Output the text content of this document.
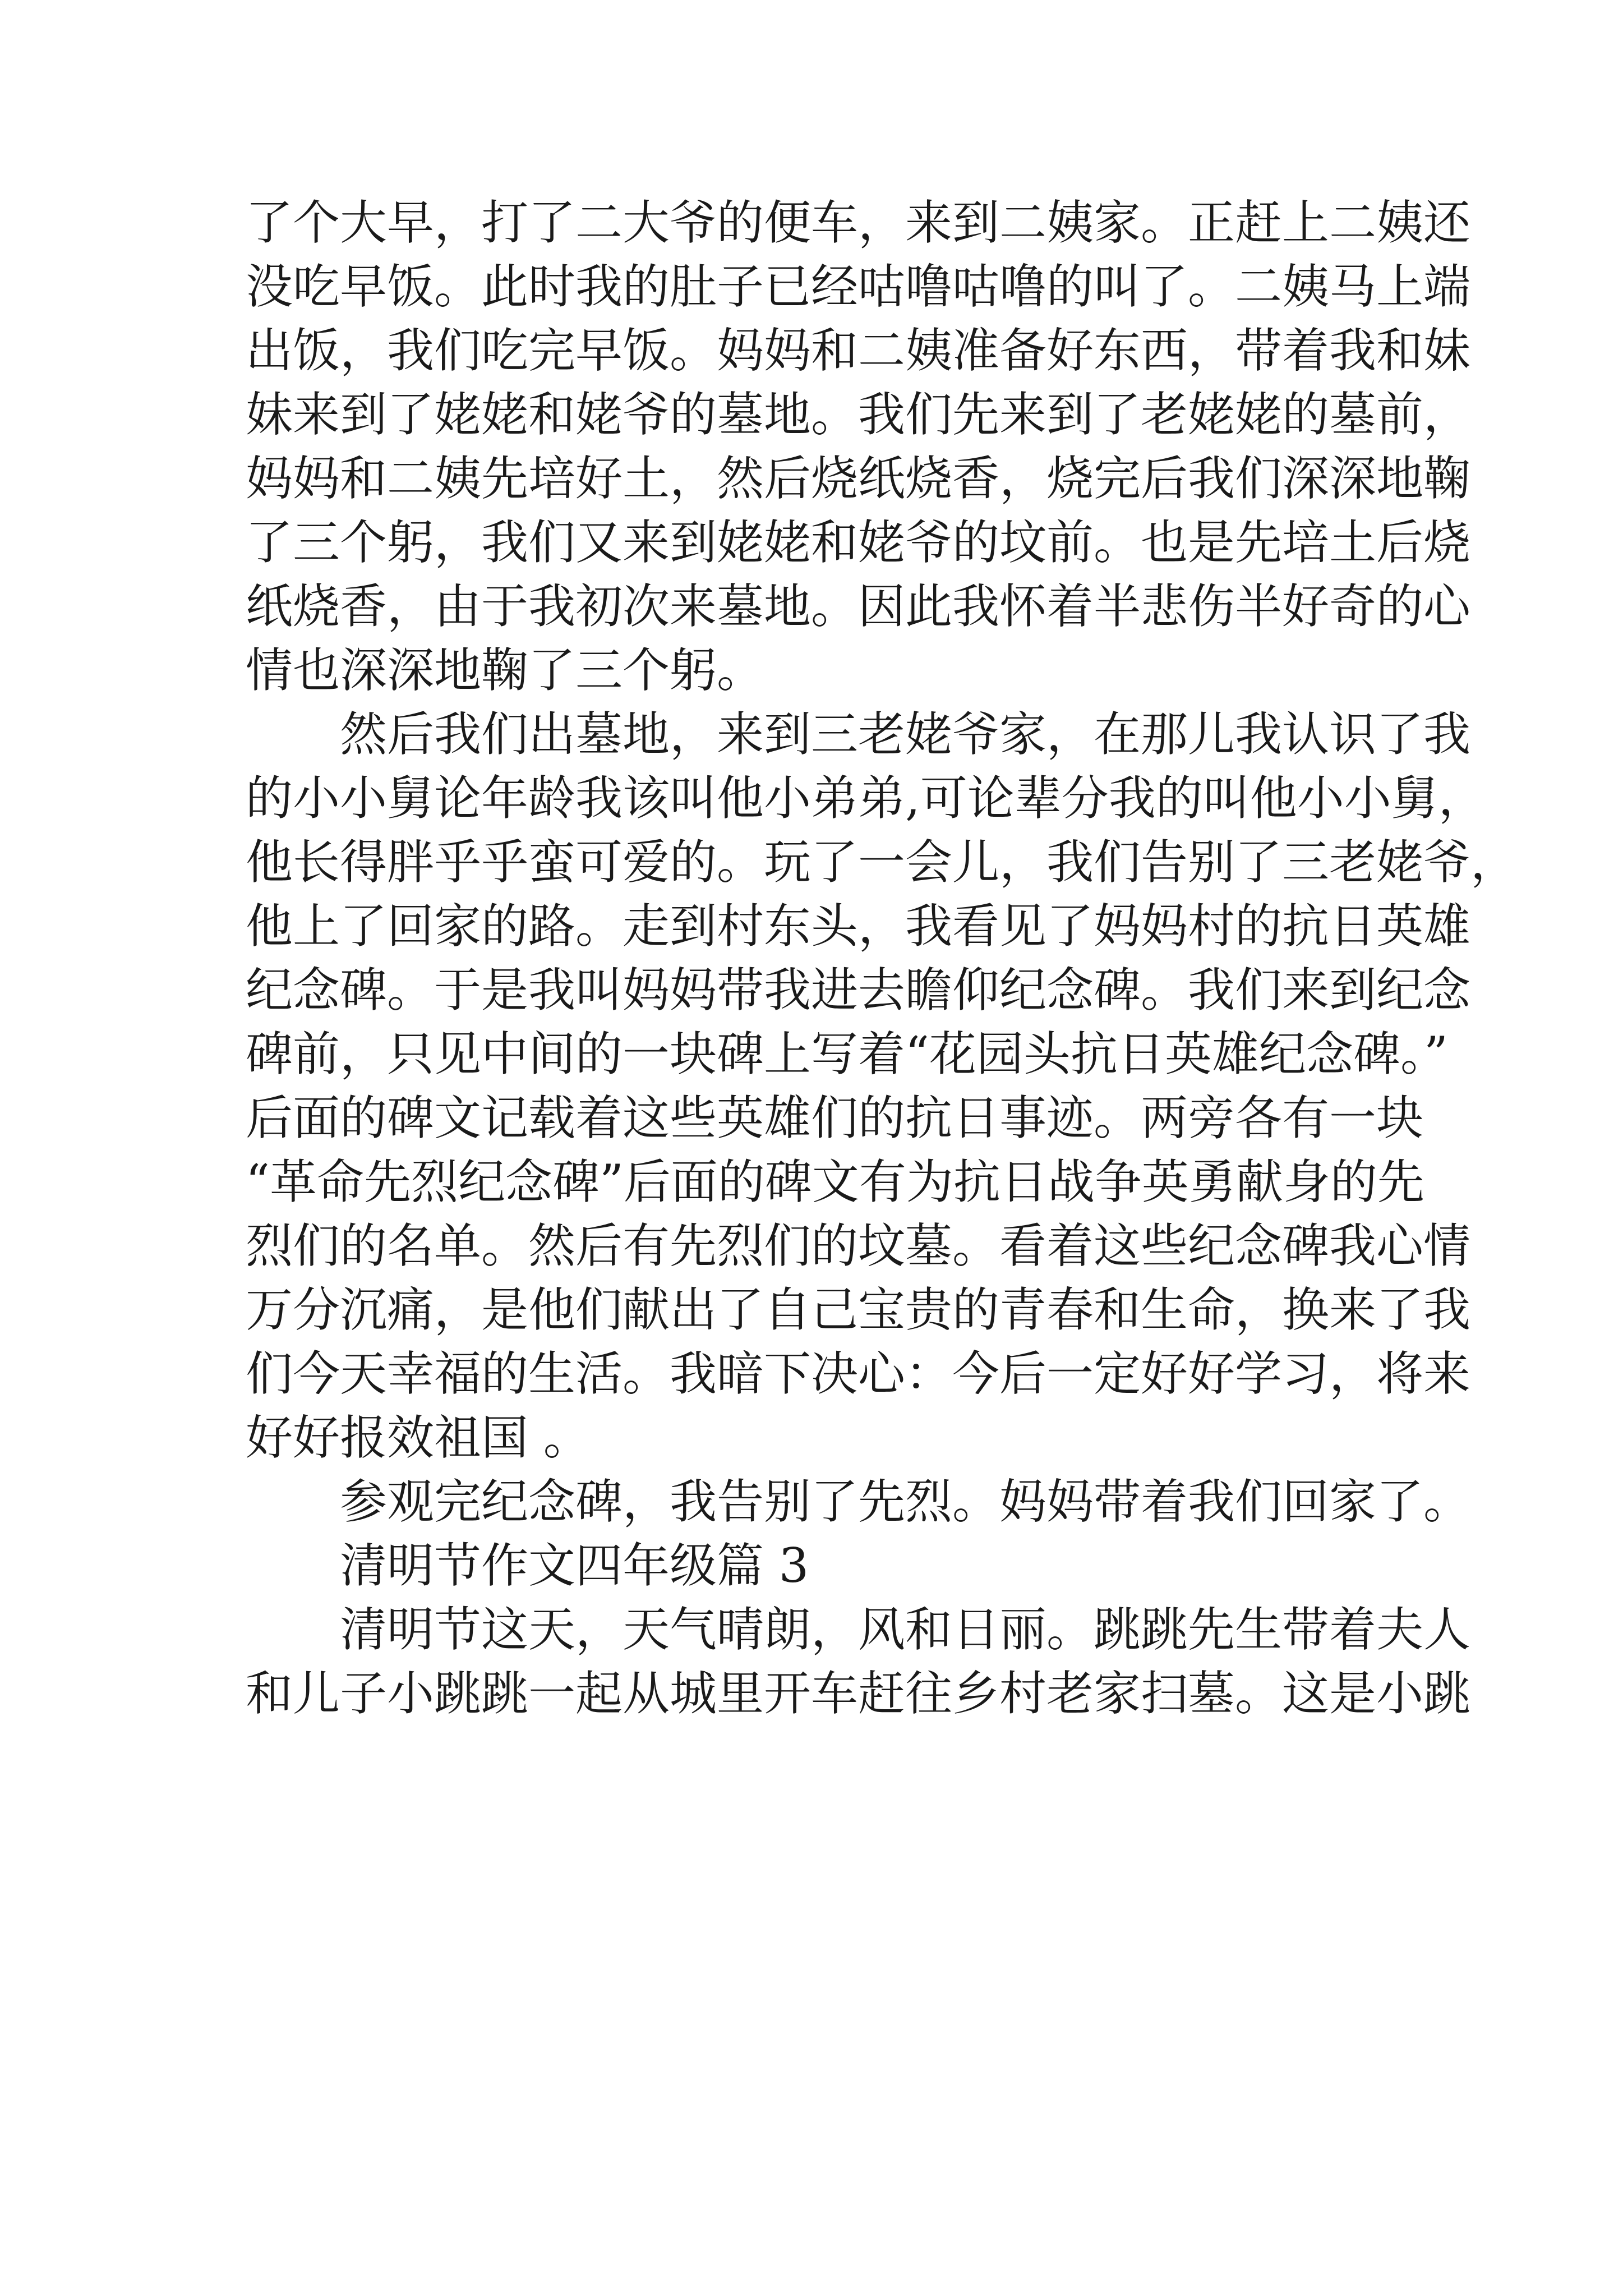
了个大早，打了二大爷的便车，来到二姨家。正赶上二姨还
没吃早饭。此时我的肚子已经咕噜咕噜的叫了。二姨马上端
出饭，我们吃完早饭。妈妈和二姨准备好东西，带着我和妹
妹来到了姥姥和姥爷的墓地。我们先来到了老姥姥的墓前，
妈妈和二姨先培好土，然后烧纸烧香，烧完后我们深深地鞠
了三个躬，我们又来到姥姥和姥爷的坟前。也是先培土后烧
纸烧香，由于我初次来墓地。因此我怀着半悲伤半好奇的心
情也深深地鞠了三个躬。
然后我们出墓地，来到三老姥爷家，在那儿我认识了我
的小小舅论年龄我该叫他小弟弟,可论辈分我的叫他小小舅，
他长得胖乎乎蛮可爱的。玩了一会儿，我们告别了三老姥爷，
他上了回家的路。走到村东头，我看见了妈妈村的抗日英雄
纪念碑。于是我叫妈妈带我进去瞻仰纪念碑。我们来到纪念
碑前，只见中间的一块碑上写着“花园头抗日英雄纪念碑。”
后面的碑文记载着这些英雄们的抗日事迹。两旁各有一块
“革命先烈纪念碑”后面的碑文有为抗日战争英勇献身的先
烈们的名单。然后有先烈们的坟墓。看着这些纪念碑我心情
万分沉痛，是他们献出了自己宝贵的青春和生命，换来了我
们今天幸福的生活。我暗下决心：今后一定好好学习，将来
好好报效祖国 。
参观完纪念碑，我告别了先烈。妈妈带着我们回家了。
清明节作文四年级篇 3
清明节这天，天气晴朗，风和日丽。跳跳先生带着夫人
和儿子小跳跳一起从城里开车赶往乡村老家扫墓。这是小跳
